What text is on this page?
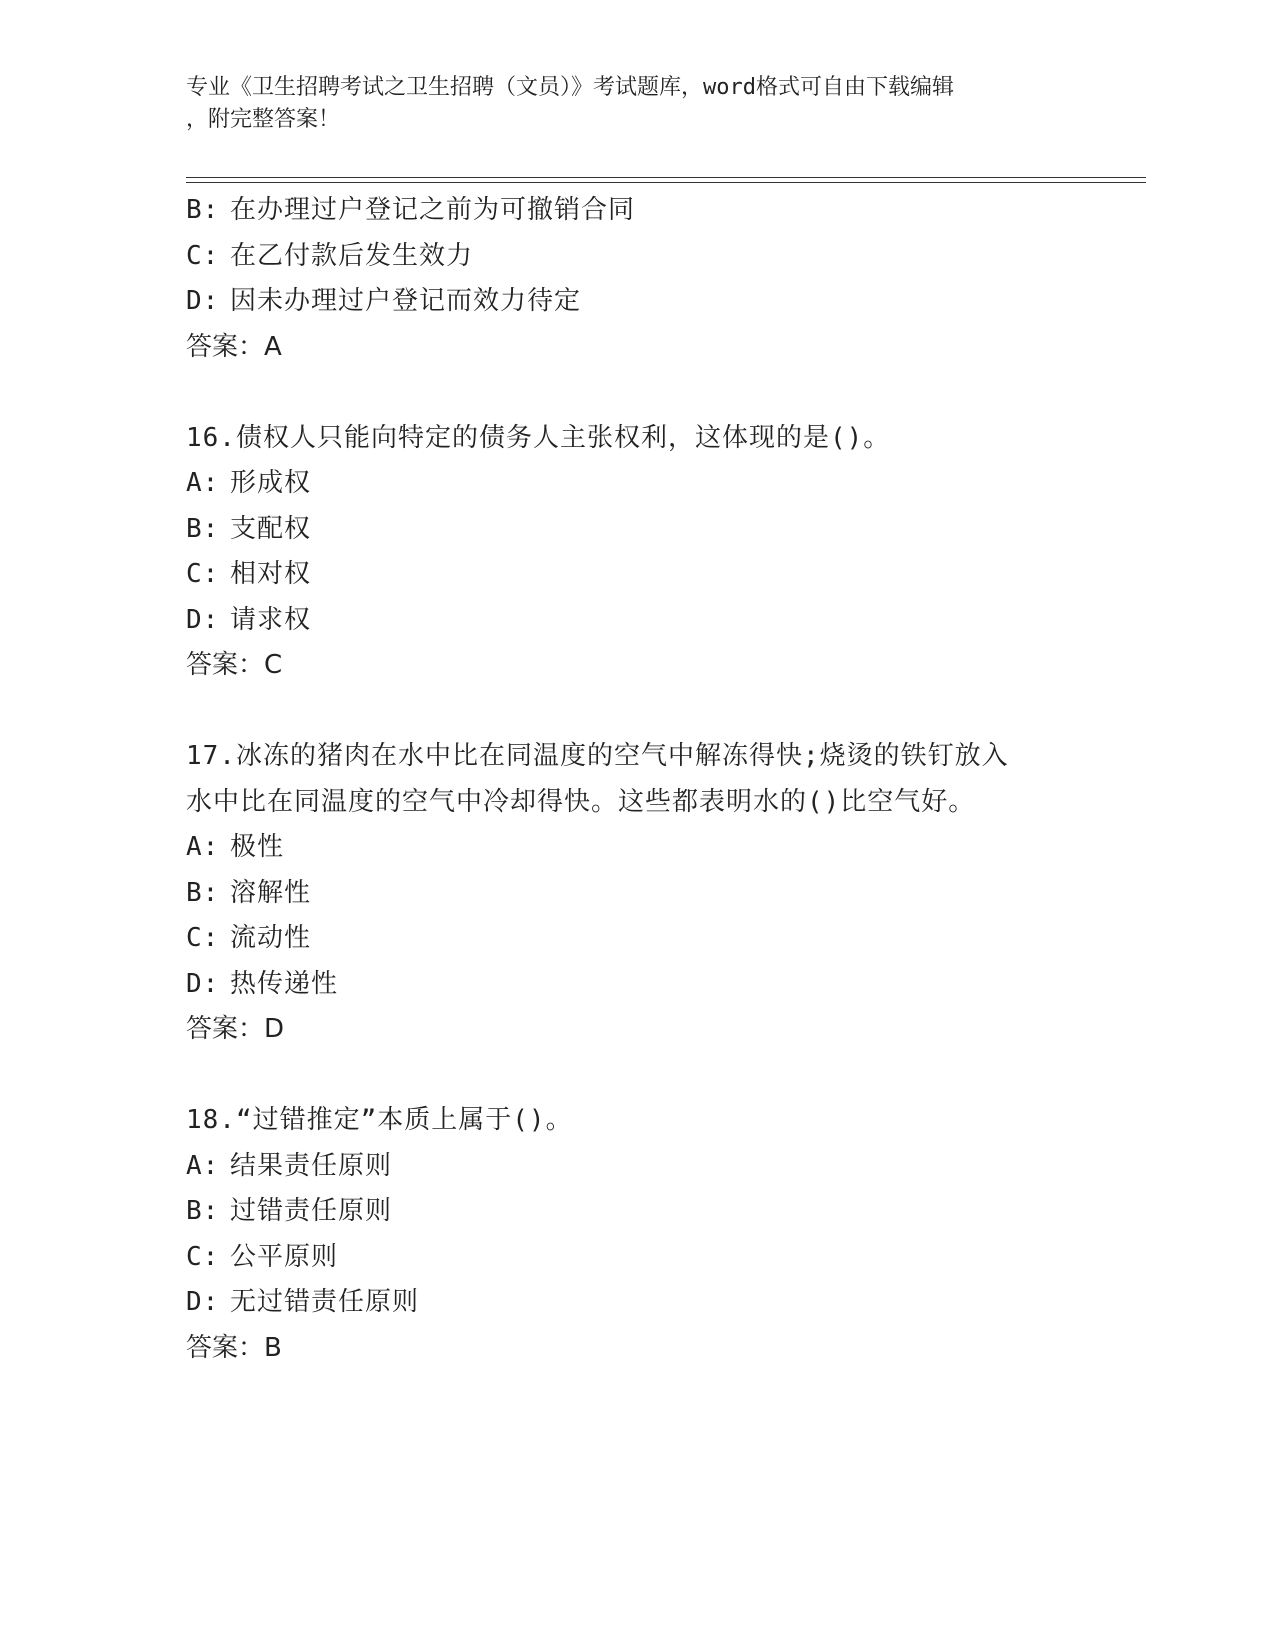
专业《卫生招聘考试之卫生招聘（文员）》考试题库，word格式可自由下载编辑
，附完整答案！
B: 在办理过户登记之前为可撤销合同
C: 在乙付款后发生效力
D: 因未办理过户登记而效力待定
答案：A
16.债权人只能向特定的债务人主张权利，这体现的是()。
A: 形成权
B: 支配权
C: 相对权
D: 请求权
答案：C
17.冰冻的猪肉在水中比在同温度的空气中解冻得快;烧烫的铁钉放入
水中比在同温度的空气中冷却得快。这些都表明水的()比空气好。
A: 极性
B: 溶解性
C: 流动性
D: 热传递性
答案：D
18.“过错推定”本质上属于()。
A: 结果责任原则
B: 过错责任原则
C: 公平原则
D: 无过错责任原则
答案：B
